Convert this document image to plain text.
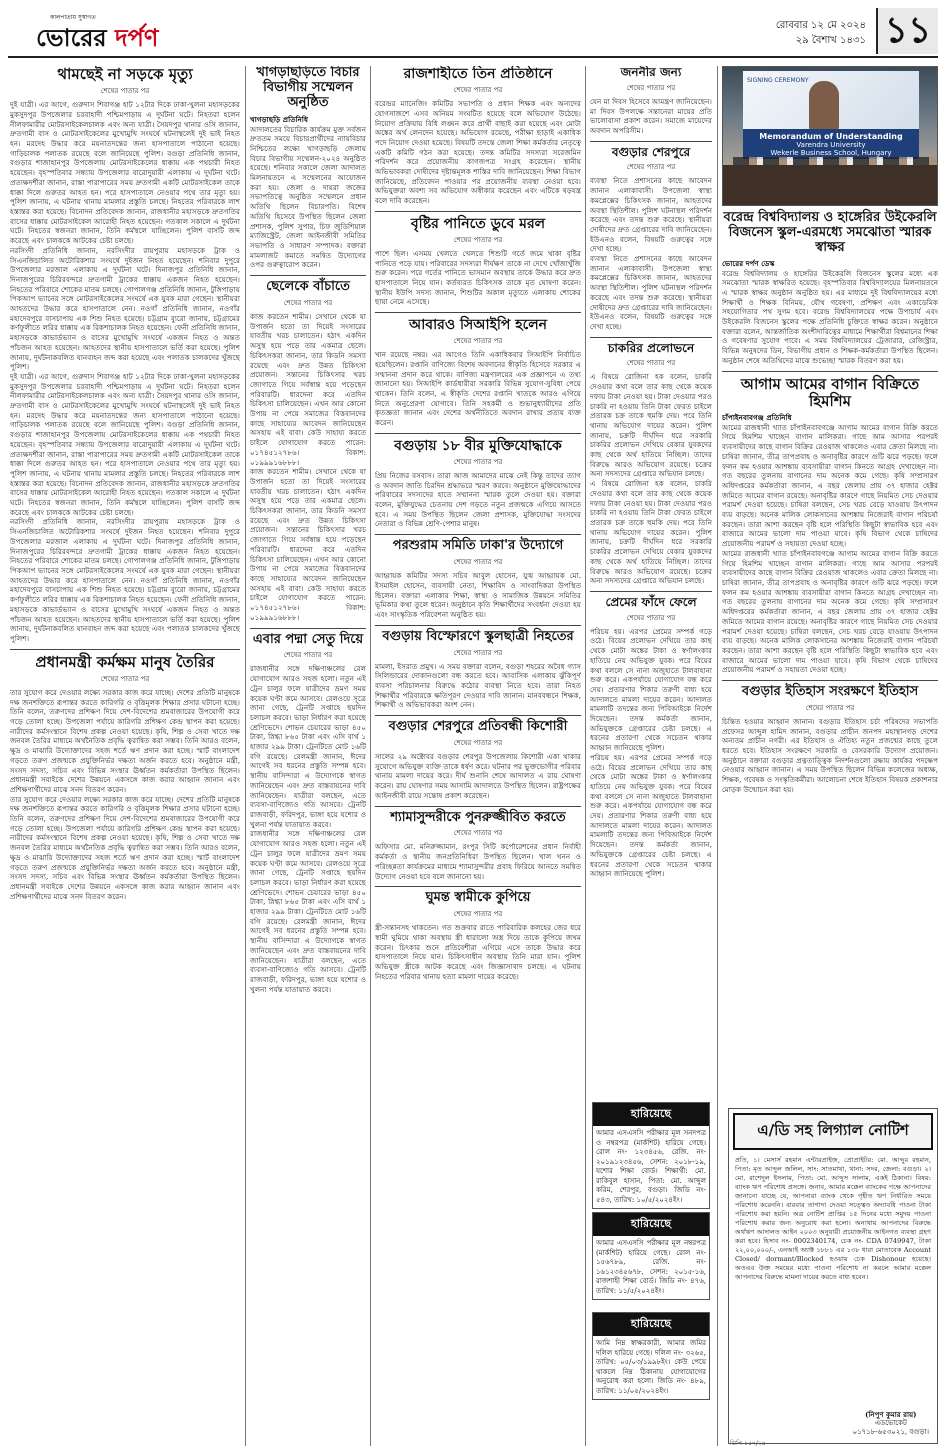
কালপাতায় সুস্বাগত
ভোরের দর্পণ	রোববার ১২ মে ২০২৪
২৯ বৈশাখ ১৪৩১ ১১
থামছেই না সড়কে মৃত্যু
শেষের পাতার পর
দুই যাত্রী। এর আগে, গুরুদাস শিবাগঞ্জ হাট ১২টার দিকে ঢাকা-খুলনা মহাসড়কের মুকসুদপুর উপজেলার চরবাহাদী পশ্চিমপাড়ায় এ দুর্ঘটনা ঘটে। নিহতরা হলেন নীলফামারীর মোটরসাইকেলচালক এবং অন্য যাত্রী। সৈয়দপুর থানার ওসি জানান, দ্রুতগামী বাস ও মোটরসাইকেলের মুখোমুখি সংঘর্ষে ঘটনাস্থলেই দুই ভাই নিহত হন। মরদেহ উদ্ধার করে ময়নাতদন্তের জন্য হাসপাতালে পাঠানো হয়েছে। গাড়িচালক পলাতক রয়েছে বলে জানিয়েছে পুলিশ। বগুড়া প্রতিনিধি জানান, বগুড়ার শাজাহানপুর উপজেলায় মোটরসাইকেলের ধাক্কায় এক পথচারী নিহত হয়েছেন। বৃহস্পতিবার সন্ধ্যায় উপজেলার বারোদুয়ারী এলাকায় এ দুর্ঘটনা ঘটে। প্রত্যক্ষদর্শীরা জানান, রাস্তা পারাপারের সময় দ্রুতগামী একটি মোটরসাইকেল তাকে ধাক্কা দিলে গুরুতর আহত হন। পরে হাসপাতালে নেওয়ার পথে তার মৃত্যু হয়। পুলিশ জানায়, এ ঘটনায় থানায় মামলার প্রস্তুতি চলছে। নিহতের পরিবারকে লাশ হস্তান্তর করা হয়েছে। বিনোদন প্রতিবেদক জানান, রাজধানীর মহাসড়কে দ্রুতগতির বাসের ধাক্কায় মোটরসাইকেল আরোহী নিহত হয়েছেন। গতকাল সকালে এ দুর্ঘটনা ঘটে। নিহতের স্বজনরা জানান, তিনি কর্মস্থলে যাচ্ছিলেন। পুলিশ বাসটি জব্দ করেছে এবং চালককে আটকের চেষ্টা চলছে।
নরসিংদী প্রতিনিধি জানান, নরসিংদীর রায়পুরায় মহাসড়কে ট্রাক ও সিএনজিচালিত অটোরিকশার সংঘর্ষে দুইজন নিহত হয়েছেন। শনিবার দুপুরে উপজেলার মরজাল এলাকায় এ দুর্ঘটনা ঘটে। দিনাজপুর প্রতিনিধি জানান, দিনাজপুরের চিরিরবন্দরে দ্রুতগামী ট্রাকের ধাক্কায় একজন নিহত হয়েছেন। নিহতের পরিবারে শোকের মাতম চলছে। গোপালগঞ্জ প্রতিনিধি জানান, টুঙ্গিপাড়ায় পিকআপ ভ্যানের সঙ্গে মোটরসাইকেলের সংঘর্ষে এক যুবক মারা গেছেন। স্থানীয়রা আহতদের উদ্ধার করে হাসপাতালে নেন। নওগাঁ প্রতিনিধি জানান, নওগাঁর মহাদেবপুরে বাসচাপায় এক শিশু নিহত হয়েছে। চট্টগ্রাম ব্যুরো জানায়, চট্টগ্রামের কর্ণফুলীতে লরির ধাক্কায় এক রিকশাচালক নিহত হয়েছেন। ফেনী প্রতিনিধি জানান, মহাসড়কে কাভার্ডভ্যান ও বাসের মুখোমুখি সংঘর্ষে একজন নিহত ও অন্তত পাঁচজন আহত হয়েছেন। আহতদের স্থানীয় হাসপাতালে ভর্তি করা হয়েছে। পুলিশ জানায়, দুর্ঘটনাকবলিত যানবাহন জব্দ করা হয়েছে এবং পলাতক চালকদের খুঁজছে পুলিশ।
দুই যাত্রী। এর আগে, গুরুদাস শিবাগঞ্জ হাট ১২টার দিকে ঢাকা-খুলনা মহাসড়কের মুকসুদপুর উপজেলার চরবাহাদী পশ্চিমপাড়ায় এ দুর্ঘটনা ঘটে। নিহতরা হলেন নীলফামারীর মোটরসাইকেলচালক এবং অন্য যাত্রী। সৈয়দপুর থানার ওসি জানান, দ্রুতগামী বাস ও মোটরসাইকেলের মুখোমুখি সংঘর্ষে ঘটনাস্থলেই দুই ভাই নিহত হন। মরদেহ উদ্ধার করে ময়নাতদন্তের জন্য হাসপাতালে পাঠানো হয়েছে। গাড়িচালক পলাতক রয়েছে বলে জানিয়েছে পুলিশ। বগুড়া প্রতিনিধি জানান, বগুড়ার শাজাহানপুর উপজেলায় মোটরসাইকেলের ধাক্কায় এক পথচারী নিহত হয়েছেন। বৃহস্পতিবার সন্ধ্যায় উপজেলার বারোদুয়ারী এলাকায় এ দুর্ঘটনা ঘটে। প্রত্যক্ষদর্শীরা জানান, রাস্তা পারাপারের সময় দ্রুতগামী একটি মোটরসাইকেল তাকে ধাক্কা দিলে গুরুতর আহত হন। পরে হাসপাতালে নেওয়ার পথে তার মৃত্যু হয়। পুলিশ জানায়, এ ঘটনায় থানায় মামলার প্রস্তুতি চলছে। নিহতের পরিবারকে লাশ হস্তান্তর করা হয়েছে। বিনোদন প্রতিবেদক জানান, রাজধানীর মহাসড়কে দ্রুতগতির বাসের ধাক্কায় মোটরসাইকেল আরোহী নিহত হয়েছেন। গতকাল সকালে এ দুর্ঘটনা ঘটে। নিহতের স্বজনরা জানান, তিনি কর্মস্থলে যাচ্ছিলেন। পুলিশ বাসটি জব্দ করেছে এবং চালককে আটকের চেষ্টা চলছে।
নরসিংদী প্রতিনিধি জানান, নরসিংদীর রায়পুরায় মহাসড়কে ট্রাক ও সিএনজিচালিত অটোরিকশার সংঘর্ষে দুইজন নিহত হয়েছেন। শনিবার দুপুরে উপজেলার মরজাল এলাকায় এ দুর্ঘটনা ঘটে। দিনাজপুর প্রতিনিধি জানান, দিনাজপুরের চিরিরবন্দরে দ্রুতগামী ট্রাকের ধাক্কায় একজন নিহত হয়েছেন। নিহতের পরিবারে শোকের মাতম চলছে। গোপালগঞ্জ প্রতিনিধি জানান, টুঙ্গিপাড়ায় পিকআপ ভ্যানের সঙ্গে মোটরসাইকেলের সংঘর্ষে এক যুবক মারা গেছেন। স্থানীয়রা আহতদের উদ্ধার করে হাসপাতালে নেন। নওগাঁ প্রতিনিধি জানান, নওগাঁর মহাদেবপুরে বাসচাপায় এক শিশু নিহত হয়েছে। চট্টগ্রাম ব্যুরো জানায়, চট্টগ্রামের কর্ণফুলীতে লরির ধাক্কায় এক রিকশাচালক নিহত হয়েছেন। ফেনী প্রতিনিধি জানান, মহাসড়কে কাভার্ডভ্যান ও বাসের মুখোমুখি সংঘর্ষে একজন নিহত ও অন্তত পাঁচজন আহত হয়েছেন। আহতদের স্থানীয় হাসপাতালে ভর্তি করা হয়েছে। পুলিশ জানায়, দুর্ঘটনাকবলিত যানবাহন জব্দ করা হয়েছে এবং পলাতক চালকদের খুঁজছে পুলিশ।
প্রধানমন্ত্রী কর্মক্ষম মানুষ তৈরির
শেষের পাতার পর
তার সুযোগ করে দেওয়ার লক্ষ্যে সরকার কাজ করে যাচ্ছে। দেশের প্রতিটি মানুষকে দক্ষ জনশক্তিতে রূপান্তর করতে কারিগরি ও বৃত্তিমূলক শিক্ষার প্রসার ঘটানো হচ্ছে। তিনি বলেন, তরুণদের প্রশিক্ষণ দিয়ে দেশ-বিদেশের শ্রমবাজারের উপযোগী করে গড়ে তোলা হচ্ছে। উপজেলা পর্যায়ে কারিগরি প্রশিক্ষণ কেন্দ্র স্থাপন করা হয়েছে। নারীদের কর্মসংস্থানে বিশেষ প্রকল্প নেওয়া হয়েছে। কৃষি, শিল্প ও সেবা খাতে দক্ষ জনবল তৈরির মাধ্যমে অর্থনৈতিক প্রবৃদ্ধি ত্বরান্বিত করা সম্ভব। তিনি আরও বলেন, ক্ষুদ্র ও মাঝারি উদ্যোক্তাদের সহজ শর্তে ঋণ প্রদান করা হচ্ছে। স্মার্ট বাংলাদেশ গড়তে তরুণ প্রজন্মকে প্রযুক্তিনির্ভর দক্ষতা অর্জন করতে হবে। অনুষ্ঠানে মন্ত্রী, সংসদ সদস্য, সচিব এবং বিভিন্ন সংস্থার ঊর্ধ্বতন কর্মকর্তারা উপস্থিত ছিলেন। প্রধানমন্ত্রী সবাইকে দেশের উন্নয়নে একসঙ্গে কাজ করার আহ্বান জানান এবং প্রশিক্ষণার্থীদের মাঝে সনদ বিতরণ করেন।
তার সুযোগ করে দেওয়ার লক্ষ্যে সরকার কাজ করে যাচ্ছে। দেশের প্রতিটি মানুষকে দক্ষ জনশক্তিতে রূপান্তর করতে কারিগরি ও বৃত্তিমূলক শিক্ষার প্রসার ঘটানো হচ্ছে। তিনি বলেন, তরুণদের প্রশিক্ষণ দিয়ে দেশ-বিদেশের শ্রমবাজারের উপযোগী করে গড়ে তোলা হচ্ছে। উপজেলা পর্যায়ে কারিগরি প্রশিক্ষণ কেন্দ্র স্থাপন করা হয়েছে। নারীদের কর্মসংস্থানে বিশেষ প্রকল্প নেওয়া হয়েছে। কৃষি, শিল্প ও সেবা খাতে দক্ষ জনবল তৈরির মাধ্যমে অর্থনৈতিক প্রবৃদ্ধি ত্বরান্বিত করা সম্ভব। তিনি আরও বলেন, ক্ষুদ্র ও মাঝারি উদ্যোক্তাদের সহজ শর্তে ঋণ প্রদান করা হচ্ছে। স্মার্ট বাংলাদেশ গড়তে তরুণ প্রজন্মকে প্রযুক্তিনির্ভর দক্ষতা অর্জন করতে হবে। অনুষ্ঠানে মন্ত্রী, সংসদ সদস্য, সচিব এবং বিভিন্ন সংস্থার ঊর্ধ্বতন কর্মকর্তারা উপস্থিত ছিলেন। প্রধানমন্ত্রী সবাইকে দেশের উন্নয়নে একসঙ্গে কাজ করার আহ্বান জানান এবং প্রশিক্ষণার্থীদের মাঝে সনদ বিতরণ করেন।
খাগড়াছড়িতে বিচার বিভাগীয় সম্মেলন অনুষ্ঠিত
খাগড়াছড়ি প্রতিনিধি
আদালতের বিচারিক কার্যক্রম মুক্ত সর্বজন দ্রুততম সময়ে বিচারপ্রার্থীদের ন্যায়বিচার নিশ্চিতের লক্ষ্যে খাগড়াছড়ি জেলায় বিচার বিভাগীয় সম্মেলন-২০২৪ অনুষ্ঠিত হয়েছে। শনিবার সকালে জেলা আদালত মিলনায়তনে এ সম্মেলনের আয়োজন করা হয়। জেলা ও দায়রা জজের সভাপতিত্বে অনুষ্ঠিত সম্মেলনে প্রধান অতিথি ছিলেন বিচারপতি। বিশেষ অতিথি হিসেবে উপস্থিত ছিলেন জেলা প্রশাসক, পুলিশ সুপার, চিফ জুডিশিয়াল ম্যাজিস্ট্রেট, জেলা আইনজীবী সমিতির সভাপতি ও সাধারণ সম্পাদক। বক্তারা মামলাজট কমাতে সমন্বিত উদ্যোগের ওপর গুরুত্বারোপ করেন।
ছেলেকে বাঁচাতে
শেষের পাতার পর
কাজ করতেন শামীম। সেখানে থেকে যা উপার্জন হতো তা দিয়েই সংসারের যাবতীয় খরচ চালাতেন। হঠাৎ একদিন অসুস্থ হয়ে পড়ে তার একমাত্র ছেলে। চিকিৎসকরা জানান, তার কিডনি সমস্যা রয়েছে এবং দ্রুত উন্নত চিকিৎসা প্রয়োজন। সন্তানের চিকিৎসার খরচ জোগাতে গিয়ে সর্বস্বান্ত হয়ে পড়েছেন পরিবারটি। ধারদেনা করে এতদিন চিকিৎসা চালিয়েছেন। এখন আর কোনো উপায় না পেয়ে সমাজের বিত্তবানদের কাছে সাহায্যের আবেদন জানিয়েছেন অসহায় এই বাবা। কেউ সাহায্য করতে চাইলে যোগাযোগ করতে পারেন: ০১৭৪৫১২৭৮৬। বিকাশ: ০১৯৯৯১৬৮৮৮।
কাজ করতেন শামীম। সেখানে থেকে যা উপার্জন হতো তা দিয়েই সংসারের যাবতীয় খরচ চালাতেন। হঠাৎ একদিন অসুস্থ হয়ে পড়ে তার একমাত্র ছেলে। চিকিৎসকরা জানান, তার কিডনি সমস্যা রয়েছে এবং দ্রুত উন্নত চিকিৎসা প্রয়োজন। সন্তানের চিকিৎসার খরচ জোগাতে গিয়ে সর্বস্বান্ত হয়ে পড়েছেন পরিবারটি। ধারদেনা করে এতদিন চিকিৎসা চালিয়েছেন। এখন আর কোনো উপায় না পেয়ে সমাজের বিত্তবানদের কাছে সাহায্যের আবেদন জানিয়েছেন অসহায় এই বাবা। কেউ সাহায্য করতে চাইলে যোগাযোগ করতে পারেন: ০১৭৪৫১২৭৮৬। বিকাশ: ০১৯৯৯১৬৮৮৮।
এবার পদ্মা সেতু দিয়ে
শেষের পাতার পর
রাজধানীর সঙ্গে দক্ষিণাঞ্চলের রেল যোগাযোগ আরও সহজ হলো। নতুন এই ট্রেন চালুর ফলে যাত্রীদের ভ্রমণ সময় কয়েক ঘণ্টা কমে আসবে। রেলওয়ে সূত্রে জানা গেছে, ট্রেনটি সপ্তাহে ছয়দিন চলাচল করবে। ভাড়া নির্ধারণ করা হয়েছে শ্রেণিভেদে। শোভন চেয়ারের ভাড়া ৪৫০ টাকা, স্নিগ্ধা ৮৬৫ টাকা এবং এসি বার্থ ১ হাজার ২৯৯ টাকা। ট্রেনটিতে মোট ১৬টি বগি রয়েছে। রেলমন্ত্রী জানান, ঈদের আগেই সব ধরনের প্রস্তুতি সম্পন্ন হবে। স্থানীয় বাসিন্দারা এ উদ্যোগকে স্বাগত জানিয়েছেন এবং দ্রুত বাস্তবায়নের দাবি জানিয়েছেন। যাত্রীরা বলছেন, এতে ব্যবসা-বাণিজ্যেও গতি আসবে। ট্রেনটি রাজবাড়ী, ফরিদপুর, ভাঙ্গা হয়ে যশোর ও খুলনা পর্যন্ত যাতায়াত করবে।
রাজধানীর সঙ্গে দক্ষিণাঞ্চলের রেল যোগাযোগ আরও সহজ হলো। নতুন এই ট্রেন চালুর ফলে যাত্রীদের ভ্রমণ সময় কয়েক ঘণ্টা কমে আসবে। রেলওয়ে সূত্রে জানা গেছে, ট্রেনটি সপ্তাহে ছয়দিন চলাচল করবে। ভাড়া নির্ধারণ করা হয়েছে শ্রেণিভেদে। শোভন চেয়ারের ভাড়া ৪৫০ টাকা, স্নিগ্ধা ৮৬৫ টাকা এবং এসি বার্থ ১ হাজার ২৯৯ টাকা। ট্রেনটিতে মোট ১৬টি বগি রয়েছে। রেলমন্ত্রী জানান, ঈদের আগেই সব ধরনের প্রস্তুতি সম্পন্ন হবে। স্থানীয় বাসিন্দারা এ উদ্যোগকে স্বাগত জানিয়েছেন এবং দ্রুত বাস্তবায়নের দাবি জানিয়েছেন। যাত্রীরা বলছেন, এতে ব্যবসা-বাণিজ্যেও গতি আসবে। ট্রেনটি রাজবাড়ী, ফরিদপুর, ভাঙ্গা হয়ে যশোর ও খুলনা পর্যন্ত যাতায়াত করবে।
রাজশাহীতে তিন প্রতিষ্ঠানে
শেষের পাতার পর
বরেন্দ্রর ম্যানেজিং কমিটির সভাপতি ও প্রধান শিক্ষক এবং অন্যদের যোগসাজশে এসব অনিয়ম সংঘটিত হয়েছে বলে অভিযোগ উঠেছে। নিয়োগ প্রক্রিয়ায় বিধি লঙ্ঘন করে প্রার্থী বাছাই করা হয়েছে এবং মোটা অঙ্কের অর্থ লেনদেন হয়েছে। অভিযোগ রয়েছে, পরীক্ষা ছাড়াই একাধিক পদে নিয়োগ দেওয়া হয়েছে। বিষয়টি তদন্তে জেলা শিক্ষা কর্মকর্তার নেতৃত্বে একটি কমিটি গঠন করা হয়েছে। তদন্ত কমিটির সদস্যরা সরেজমিন পরিদর্শন করে প্রয়োজনীয় কাগজপত্র সংগ্রহ করেছেন। স্থানীয় অভিভাবকরা দোষীদের দৃষ্টান্তমূলক শাস্তির দাবি জানিয়েছেন। শিক্ষা বিভাগ জানিয়েছে, প্রতিবেদন পাওয়ার পর প্রয়োজনীয় ব্যবস্থা নেওয়া হবে। অভিযুক্তরা অবশ্য সব অভিযোগ অস্বীকার করেছেন এবং এটিকে ষড়যন্ত্র বলে দাবি করেছেন।
বৃষ্টির পানিতে ডুবে মরল
শেষের পাতার পর
পাশে ছিল। এসময় খেলতে খেলতে শিশুটি গর্তে জমে থাকা বৃষ্টির পানিতে পড়ে যায়। পরিবারের সদস্যরা দীর্ঘক্ষণ তাকে না দেখে খোঁজাখুঁজি শুরু করেন। পরে গর্তের পানিতে ভাসমান অবস্থায় তাকে উদ্ধার করে দ্রুত হাসপাতালে নিয়ে যান। কর্তব্যরত চিকিৎসক তাকে মৃত ঘোষণা করেন। স্থানীয় ইউপি সদস্য জানান, শিশুটির অকাল মৃত্যুতে এলাকায় শোকের ছায়া নেমে এসেছে।
আবারও সিআইপি হলেন
শেষের পাতার পর
খান রয়েছে নম্বর। এর আগেও তিনি একাধিকবার সিআইপি নির্বাচিত হয়েছিলেন। রপ্তানি বাণিজ্যে বিশেষ অবদানের স্বীকৃতি হিসেবে সরকার এ সম্মাননা প্রদান করে থাকে। বাণিজ্য মন্ত্রণালয়ের এক প্রজ্ঞাপনে এ তথ্য জানানো হয়। সিআইপি কার্ডধারীরা সরকারি বিভিন্ন সুযোগ-সুবিধা পেয়ে থাকেন। তিনি বলেন, এ স্বীকৃতি দেশের রপ্তানি খাতকে আরও এগিয়ে নিতে অনুপ্রেরণা যোগাবে। তিনি সহকর্মী ও শুভানুধ্যায়ীদের প্রতি কৃতজ্ঞতা জানান এবং দেশের অর্থনীতিতে অবদান রাখার প্রত্যয় ব্যক্ত করেন।
বগুড়ায় ১৮ বীর মুক্তিযোদ্ধাকে
শেষের পাতার পর
প্রিয় নিজের বসবাস। তারা আজ আমাদের মাঝে নেই কিন্তু তাদের ত্যাগ ও অবদান জাতি চিরদিন শ্রদ্ধাভরে স্মরণ করবে। অনুষ্ঠানে মুক্তিযোদ্ধাদের পরিবারের সদস্যদের হাতে সম্মাননা স্মারক তুলে দেওয়া হয়। বক্তারা বলেন, মুক্তিযুদ্ধের চেতনায় দেশ গড়তে নতুন প্রজন্মকে এগিয়ে আসতে হবে। এ সময় উপস্থিত ছিলেন জেলা প্রশাসক, মুক্তিযোদ্ধা সংসদের নেতারা ও বিভিন্ন শ্রেণি-পেশার মানুষ।
পরশুরাম সমিতি ঢাকা'র উদ্যোগে
শেষের পাতার পর
আহ্বায়ক কমিটির সদস্য সচিব আবুল হোসেন, যুগ্ম আহ্বায়ক মো. ইসমাইল হোসেন, ব্যবসায়ী নেতা, শিক্ষাবিদ ও সাংবাদিকরা উপস্থিত ছিলেন। বক্তারা এলাকার শিক্ষা, স্বাস্থ্য ও সামাজিক উন্নয়নে সমিতির ভূমিকার কথা তুলে ধরেন। অনুষ্ঠানে কৃতি শিক্ষার্থীদের সংবর্ধনা দেওয়া হয় এবং সাংস্কৃতিক পরিবেশনা অনুষ্ঠিত হয়।
বগুড়ায় বিস্ফোরণে স্কুলছাত্রী নিহতের
শেষের পাতার পর
মামলা, ইসরাত প্রমুখ। এ সময় বক্তারা বলেন, বগুড়া শহরের অবৈধ গ্যাস সিলিন্ডারের দোকানগুলো বন্ধ করতে হবে। আবাসিক এলাকায় ঝুঁকিপূর্ণ ব্যবসা পরিচালনার বিরুদ্ধে কঠোর ব্যবস্থা নিতে হবে। তারা নিহত শিক্ষার্থীর পরিবারকে ক্ষতিপূরণ দেওয়ার দাবি জানান। মানববন্ধনে শিক্ষক, শিক্ষার্থী ও অভিভাবকরা অংশ নেন।
বগুড়ার শেরপুরে প্রতিবন্ধী কিশোরী
শেষের পাতার পর
সালের ২৯ অক্টোবর বগুড়ার শেরপুর উপজেলায় কিশোরী একা থাকার সুযোগে অভিযুক্ত ব্যক্তি তাকে ধর্ষণ করে। ঘটনার পর ভুক্তভোগীর পরিবার থানায় মামলা দায়ের করে। দীর্ঘ শুনানি শেষে আদালত এ রায় ঘোষণা করেন। রায় ঘোষণার সময় আসামি আদালতে উপস্থিত ছিলেন। রাষ্ট্রপক্ষের আইনজীবী রায়ে সন্তোষ প্রকাশ করেছেন।
শ্যামাসুন্দরীকে পুনরুজ্জীবিত করতে
শেষের পাতার পর
অফিসার মো. মনিরুজ্জামান, রংপুর সিটি কর্পোরেশনের প্রধান নির্বাহী কর্মকর্তা ও স্থানীয় জনপ্রতিনিধিরা উপস্থিত ছিলেন। খাল খনন ও পরিচ্ছন্নতা কার্যক্রমের মাধ্যমে শ্যামাসুন্দরীর প্রবাহ ফিরিয়ে আনতে সমন্বিত উদ্যোগ নেওয়া হবে বলে জানানো হয়।
ঘুমন্ত স্বামীকে কুপিয়ে
শেষের পাতার পর
স্ত্রী-সন্তানসহ থাকতেন। গত শুক্রবার রাতে পারিবারিক কলহের জের ধরে স্বামী ঘুমিয়ে থাকা অবস্থায় স্ত্রী ধারালো অস্ত্র দিয়ে তাকে কুপিয়ে জখম করেন। চিৎকার শুনে প্রতিবেশীরা এগিয়ে এসে তাকে উদ্ধার করে হাসপাতালে নিয়ে যান। চিকিৎসাধীন অবস্থায় তিনি মারা যান। পুলিশ অভিযুক্ত স্ত্রীকে আটক করেছে এবং জিজ্ঞাসাবাদ চলছে। এ ঘটনায় নিহতের পরিবার থানায় হত্যা মামলা দায়ের করেছে।
জননীর জন্য
শেষের পাতার পর
যেন মা দিবস হিসেবে আমন্ত্রণ জানিয়েছেন। মা দিবস উপলক্ষে সন্তানেরা মায়ের প্রতি ভালোবাসা প্রকাশ করেন। সমাজে মায়েদের অবদান অপরিসীম।
বগুড়ার শেরপুরে
শেষের পাতার পর
ব্যবস্থা নিতে প্রশাসনের কাছে আবেদন জানান এলাকাবাসী। উপজেলা স্বাস্থ্য কমপ্লেক্সের চিকিৎসক জানান, আহতদের অবস্থা স্থিতিশীল। পুলিশ ঘটনাস্থল পরিদর্শন করেছে এবং তদন্ত শুরু করেছে। স্থানীয়রা দোষীদের দ্রুত গ্রেপ্তারের দাবি জানিয়েছেন। ইউএনও বলেন, বিষয়টি গুরুত্বের সঙ্গে দেখা হচ্ছে।
ব্যবস্থা নিতে প্রশাসনের কাছে আবেদন জানান এলাকাবাসী। উপজেলা স্বাস্থ্য কমপ্লেক্সের চিকিৎসক জানান, আহতদের অবস্থা স্থিতিশীল। পুলিশ ঘটনাস্থল পরিদর্শন করেছে এবং তদন্ত শুরু করেছে। স্থানীয়রা দোষীদের দ্রুত গ্রেপ্তারের দাবি জানিয়েছেন। ইউএনও বলেন, বিষয়টি গুরুত্বের সঙ্গে দেখা হচ্ছে।
চাকরির প্রলোভনে
শেষের পাতার পর
এ বিষয়ে রোজিনা হক বলেন, চাকরি দেওয়ার কথা বলে তার কাছ থেকে কয়েক দফায় টাকা নেওয়া হয়। টাকা দেওয়ার পরও চাকরি না হওয়ায় তিনি টাকা ফেরত চাইলে প্রতারক চক্র তাকে হুমকি দেয়। পরে তিনি থানায় অভিযোগ দায়ের করেন। পুলিশ জানায়, চক্রটি দীর্ঘদিন ধরে সরকারি চাকরির প্রলোভন দেখিয়ে বেকার যুবকদের কাছ থেকে অর্থ হাতিয়ে নিচ্ছিল। তাদের বিরুদ্ধে আরও অভিযোগ রয়েছে। চক্রের অন্য সদস্যদের গ্রেপ্তারে অভিযান চলছে।
এ বিষয়ে রোজিনা হক বলেন, চাকরি দেওয়ার কথা বলে তার কাছ থেকে কয়েক দফায় টাকা নেওয়া হয়। টাকা দেওয়ার পরও চাকরি না হওয়ায় তিনি টাকা ফেরত চাইলে প্রতারক চক্র তাকে হুমকি দেয়। পরে তিনি থানায় অভিযোগ দায়ের করেন। পুলিশ জানায়, চক্রটি দীর্ঘদিন ধরে সরকারি চাকরির প্রলোভন দেখিয়ে বেকার যুবকদের কাছ থেকে অর্থ হাতিয়ে নিচ্ছিল। তাদের বিরুদ্ধে আরও অভিযোগ রয়েছে। চক্রের অন্য সদস্যদের গ্রেপ্তারে অভিযান চলছে।
প্রেমের ফাঁদে ফেলে
শেষের পাতার পর
পরিচয় হয়। এরপর প্রেমের সম্পর্ক গড়ে ওঠে। বিয়ের প্রলোভন দেখিয়ে তার কাছ থেকে মোটা অঙ্কের টাকা ও স্বর্ণালংকার হাতিয়ে নেয় অভিযুক্ত যুবক। পরে বিয়ের কথা বললে সে নানা অজুহাতে টালবাহানা শুরু করে। একপর্যায়ে যোগাযোগ বন্ধ করে দেয়। প্রতারণার শিকার তরুণী বাধ্য হয়ে আদালতে মামলা দায়ের করেন। আদালত মামলাটি তদন্তের জন্য পিবিআইকে নির্দেশ দিয়েছেন। তদন্ত কর্মকর্তা জানান, অভিযুক্তকে গ্রেপ্তারের চেষ্টা চলছে। এ ধরনের প্রতারণা থেকে সচেতন থাকার আহ্বান জানিয়েছে পুলিশ।
পরিচয় হয়। এরপর প্রেমের সম্পর্ক গড়ে ওঠে। বিয়ের প্রলোভন দেখিয়ে তার কাছ থেকে মোটা অঙ্কের টাকা ও স্বর্ণালংকার হাতিয়ে নেয় অভিযুক্ত যুবক। পরে বিয়ের কথা বললে সে নানা অজুহাতে টালবাহানা শুরু করে। একপর্যায়ে যোগাযোগ বন্ধ করে দেয়। প্রতারণার শিকার তরুণী বাধ্য হয়ে আদালতে মামলা দায়ের করেন। আদালত মামলাটি তদন্তের জন্য পিবিআইকে নির্দেশ দিয়েছেন। তদন্ত কর্মকর্তা জানান, অভিযুক্তকে গ্রেপ্তারের চেষ্টা চলছে। এ ধরনের প্রতারণা থেকে সচেতন থাকার আহ্বান জানিয়েছে পুলিশ।
হারিয়েছে
আমার এসএসসি পরীক্ষার মূল সনদপত্র ও নম্বরপত্র (মার্কশিট) হারিয়ে গেছে। রোল নং- ১২৩৪৫৬, রেজি. নং- ২০১৯১২৩৪৫৬, সেশন: ২০১৮-১৯, যশোর শিক্ষা বোর্ড। শিক্ষার্থী: মো. রাকিবুল হাসান, পিতা: মো. আব্দুল করিম, শেরপুর, বগুড়া। জিডি নং- ৫৪৩, তারিখ: ১০/৫/২০২৪ইং।
হারিয়েছে
আমার এসএসসি পরীক্ষার মূল নম্বরপত্র (মার্কশিট) হারিয়ে গেছে। রোল নং- ১৫৬৭৮৯, রেজি. নং- ১৬১২৩৪৫৬৭৮, সেশন: ২০১৫-১৬, রাজশাহী শিক্ষা বোর্ড। জিডি নং- ৪৭৬, তারিখ: ১১/৫/২০২৪ইং।
হারিয়েছে
আমি নিম্ন স্বাক্ষরকারী, আমার জমির দলিল হারিয়ে গেছে। দলিল নং- ৩২৬৫, তারিখ: ০৫/০৩/১৯৯৮ইং। কেউ পেয়ে থাকলে নিম্ন ঠিকানায় যোগাযোগের অনুরোধ করা হলো। জিডি নং- ৪৮৯, তারিখ: ১১/০৫/২০২৪ইং।
SIGNING CEREMONY
Memorandum of Understanding
Varendra University
Wekerle Business School, Hungary
বরেন্দ্র বিশ্ববিদ্যালয় ও হাঙ্গেরির উইকেরলি বিজনেস স্কুল-এরমধ্যে সমঝোতা স্মারক স্বাক্ষর
ভোরের দর্পণ ডেস্ক
বরেন্দ্র বিশ্ববিদ্যালয় ও হাঙ্গেরির উইকেরলি বিজনেস স্কুলের মধ্যে এক সমঝোতা স্মারক স্বাক্ষরিত হয়েছে। বৃহস্পতিবার বিশ্ববিদ্যালয়ের মিলনায়তনে এ স্মারক স্বাক্ষর অনুষ্ঠান অনুষ্ঠিত হয়। এর মাধ্যমে দুই বিশ্ববিদ্যালয়ের মধ্যে শিক্ষার্থী ও শিক্ষক বিনিময়, যৌথ গবেষণা, প্রশিক্ষণ এবং একাডেমিক সহযোগিতার পথ সুগম হবে। বরেন্দ্র বিশ্ববিদ্যালয়ের পক্ষে উপাচার্য এবং উইকেরলি বিজনেস স্কুলের পক্ষে প্রতিনিধি চুক্তিতে স্বাক্ষর করেন। অনুষ্ঠানে বক্তারা বলেন, আন্তর্জাতিক অংশীদারিত্বের মাধ্যমে শিক্ষার্থীরা বিশ্বমানের শিক্ষা ও গবেষণার সুযোগ পাবে। এ সময় বিশ্ববিদ্যালয়ের ট্রেজারার, রেজিস্ট্রার, বিভিন্ন অনুষদের ডিন, বিভাগীয় প্রধান ও শিক্ষক-কর্মকর্তারা উপস্থিত ছিলেন। অনুষ্ঠান শেষে অতিথিদের মাঝে শুভেচ্ছা স্মারক বিতরণ করা হয়।
আগাম আমের বাগান বিক্রিতে হিমশিম
চাঁপাইনবাবগঞ্জ প্রতিনিধি
আমের রাজধানী খ্যাত চাঁপাইনবাবগঞ্জে আগাম আমের বাগান বিক্রি করতে গিয়ে হিমশিম খাচ্ছেন বাগান মালিকরা। গাছে আম আসার পরপরই ব্যবসায়ীদের কাছে বাগান বিক্রির রেওয়াজ থাকলেও এবার ক্রেতা মিলছে না। চাষিরা জানান, তীব্র তাপপ্রবাহ ও অনাবৃষ্টির কারণে গুটি ঝরে পড়ছে। ফলে ফলন কম হওয়ার আশঙ্কায় ব্যবসায়ীরা বাগান কিনতে আগ্রহ দেখাচ্ছেন না। গত বছরের তুলনায় বাগানের দাম অনেক কমে গেছে। কৃষি সম্প্রসারণ অধিদপ্তরের কর্মকর্তারা জানান, এ বছর জেলায় প্রায় ৩৭ হাজার হেক্টর জমিতে আমের বাগান রয়েছে। অনাবৃষ্টির কারণে গাছে নিয়মিত সেচ দেওয়ার পরামর্শ দেওয়া হয়েছে। চাষিরা বলছেন, সেচ খরচ বেড়ে যাওয়ায় উৎপাদন ব্যয় বাড়ছে। অনেক মালিক লোকসানের আশঙ্কায় নিজেরাই বাগান পরিচর্যা করছেন। তারা আশা করছেন বৃষ্টি হলে পরিস্থিতি কিছুটা স্বাভাবিক হবে এবং বাজারে আমের ভালো দাম পাওয়া যাবে। কৃষি বিভাগ থেকে চাষিদের প্রয়োজনীয় পরামর্শ ও সহায়তা দেওয়া হচ্ছে।
আমের রাজধানী খ্যাত চাঁপাইনবাবগঞ্জে আগাম আমের বাগান বিক্রি করতে গিয়ে হিমশিম খাচ্ছেন বাগান মালিকরা। গাছে আম আসার পরপরই ব্যবসায়ীদের কাছে বাগান বিক্রির রেওয়াজ থাকলেও এবার ক্রেতা মিলছে না। চাষিরা জানান, তীব্র তাপপ্রবাহ ও অনাবৃষ্টির কারণে গুটি ঝরে পড়ছে। ফলে ফলন কম হওয়ার আশঙ্কায় ব্যবসায়ীরা বাগান কিনতে আগ্রহ দেখাচ্ছেন না। গত বছরের তুলনায় বাগানের দাম অনেক কমে গেছে। কৃষি সম্প্রসারণ অধিদপ্তরের কর্মকর্তারা জানান, এ বছর জেলায় প্রায় ৩৭ হাজার হেক্টর জমিতে আমের বাগান রয়েছে। অনাবৃষ্টির কারণে গাছে নিয়মিত সেচ দেওয়ার পরামর্শ দেওয়া হয়েছে। চাষিরা বলছেন, সেচ খরচ বেড়ে যাওয়ায় উৎপাদন ব্যয় বাড়ছে। অনেক মালিক লোকসানের আশঙ্কায় নিজেরাই বাগান পরিচর্যা করছেন। তারা আশা করছেন বৃষ্টি হলে পরিস্থিতি কিছুটা স্বাভাবিক হবে এবং বাজারে আমের ভালো দাম পাওয়া যাবে। কৃষি বিভাগ থেকে চাষিদের প্রয়োজনীয় পরামর্শ ও সহায়তা দেওয়া হচ্ছে।
বগুড়ার ইতিহাস সংরক্ষণে ইতিহাস
শেষের পাতার পর
চিন্তিত হওয়ার আহ্বান জানান। বগুড়ার ইতিহাস চর্চা পরিষদের সভাপতি প্রফেসর আব্দুল হামিদ জানান, বগুড়ার প্রাচীন জনপদ মহাস্থানগড় দেশের অন্যতম প্রাচীন নগরী। এর ইতিহাস ও ঐতিহ্য নতুন প্রজন্মের কাছে তুলে ধরতে হবে। ইতিহাস সংরক্ষণে সরকারি ও বেসরকারি উদ্যোগ প্রয়োজন। অনুষ্ঠানে বক্তারা বগুড়ার প্রত্নতাত্ত্বিক নিদর্শনগুলো রক্ষায় কার্যকর পদক্ষেপ নেওয়ার আহ্বান জানান। এ সময় উপস্থিত ছিলেন বিভিন্ন কলেজের অধ্যক্ষ, শিক্ষক, গবেষক ও সংস্কৃতিকর্মীরা। আলোচনা শেষে ইতিহাস বিষয়ক প্রকাশনার মোড়ক উন্মোচন করা হয়।
এ/ডি সহ লিগ্যাল নোটিশ
প্রতি, ১। মেসার্স রহমান এন্টারপ্রাইজ, প্রোপ্রাইটর: মো. আব্দুর রহমান, পিতা: মৃত আব্দুল জলিল, সাং: সাতমাথা, থানা: সদর, জেলা: বগুড়া। ২। মো. রাশেদুল ইসলাম, পিতা: মো. আব্দুস সালাম, একই ঠিকানা। বিষয়: ব্যাংক ঋণ পরিশোধ প্রসঙ্গে। জনাব, আমার মক্কেল ব্যাংকের পক্ষে আপনাদের জানানো যাচ্ছে যে, আপনারা ব্যাংক থেকে গৃহীত ঋণ নির্ধারিত সময়ে পরিশোধ করেননি। বারবার তাগাদা দেওয়া সত্ত্বেও অদ্যাবধি পাওনা টাকা পরিশোধ করা হয়নি। অত্র নোটিশ প্রাপ্তির ১৫ দিনের মধ্যে সমুদয় পাওনা পরিশোধ করার জন্য অনুরোধ করা হলো। অন্যথায় আপনাদের বিরুদ্ধে অর্থঋণ আদালত আইন ২০০৩ অনুযায়ী প্রয়োজনীয় আইনগত ব্যবস্থা গ্রহণ করা হবে। হিসাব নং- 0002340174, চেক নং- CDA 0749947, টাকা ২২,০০,০০০/-, এনআই অ্যাক্ট ১৮৮১ এর ১৩৮ ধারা মোতাবেক Account Closed/ dormant/Blocked হওয়ায় চেক Dishonour হয়েছে। অতএব উক্ত সময়ের মধ্যে পাওনা পরিশোধ না করলে আমার মক্কেল আপনাদের বিরুদ্ধে মামলা দায়ের করতে বাধ্য হবেন।
(নিপুণ কুমার রায়)
এডভোকেট
০১৭১৮-৬৫৩০২১, বগুড়া।
ডিপি-১৫৭/২৪
